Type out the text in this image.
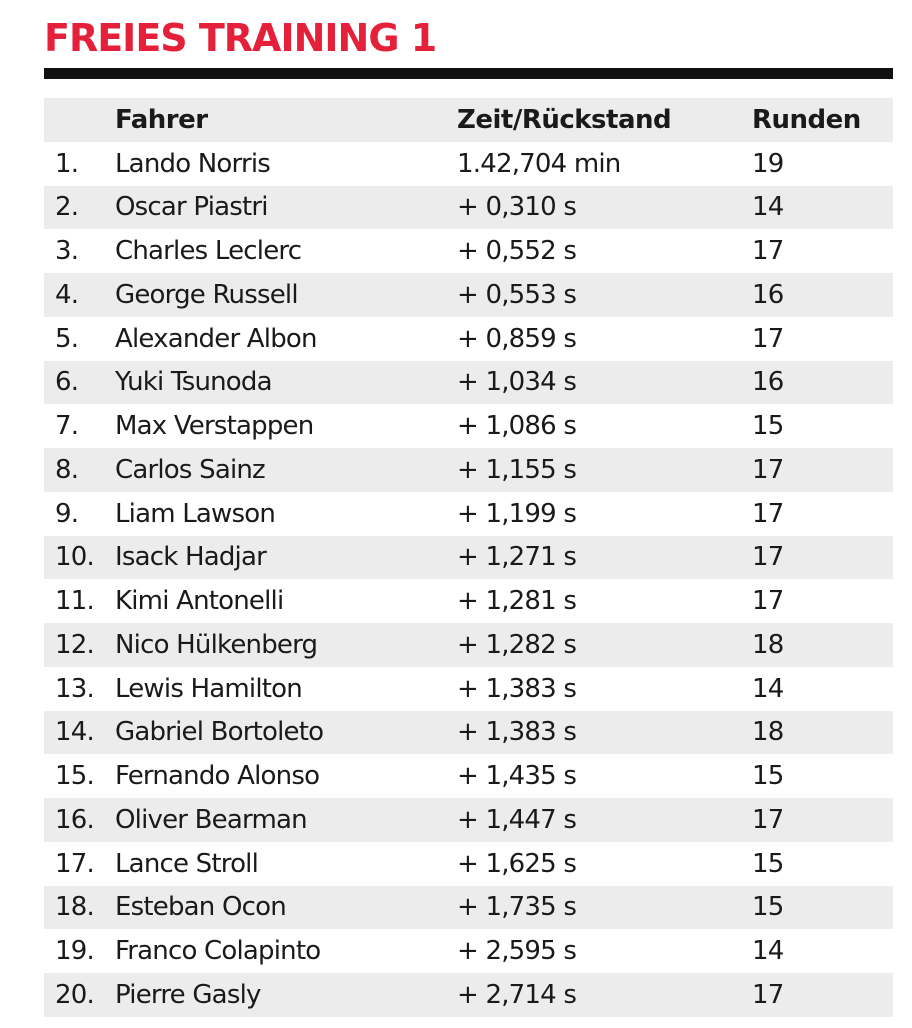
FREIES TRAINING 1
	Fahrer	Zeit/Rückstand	Runden
1.	Lando Norris	1.42,704 min	19
2.	Oscar Piastri	+ 0,310 s	14
3.	Charles Leclerc	+ 0,552 s	17
4.	George Russell	+ 0,553 s	16
5.	Alexander Albon	+ 0,859 s	17
6.	Yuki Tsunoda	+ 1,034 s	16
7.	Max Verstappen	+ 1,086 s	15
8.	Carlos Sainz	+ 1,155 s	17
9.	Liam Lawson	+ 1,199 s	17
10.	Isack Hadjar	+ 1,271 s	17
11.	Kimi Antonelli	+ 1,281 s	17
12.	Nico Hülkenberg	+ 1,282 s	18
13.	Lewis Hamilton	+ 1,383 s	14
14.	Gabriel Bortoleto	+ 1,383 s	18
15.	Fernando Alonso	+ 1,435 s	15
16.	Oliver Bearman	+ 1,447 s	17
17.	Lance Stroll	+ 1,625 s	15
18.	Esteban Ocon	+ 1,735 s	15
19.	Franco Colapinto	+ 2,595 s	14
20.	Pierre Gasly	+ 2,714 s	17
